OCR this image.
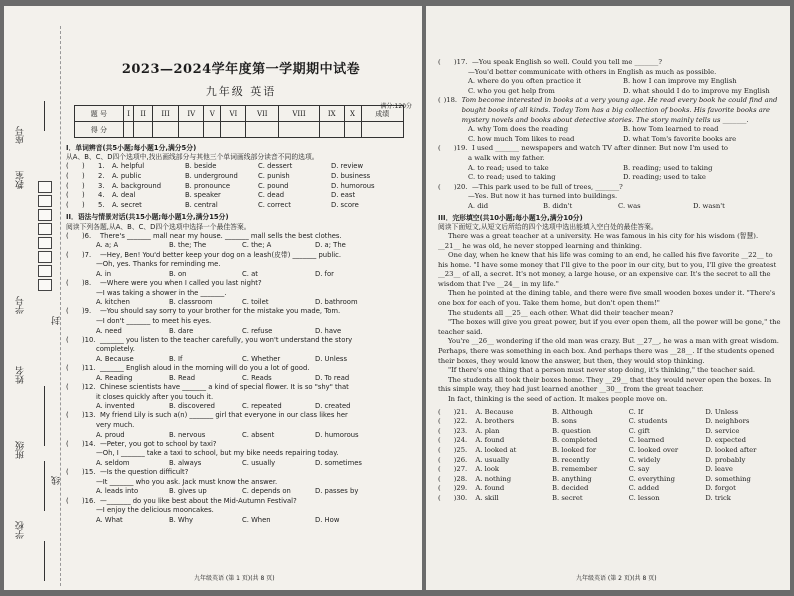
座号
教室
学号
封
姓名
班级
线
学校
2023—2024学年度第一学期期中试卷
九年级 英语
满分:120分
题 号	I	II	III	IV	V	VI	VII	VIII	IX	X	成绩
得 分											
I．单词辨音(共5小题;每小题1分,满分5分)
从A、B、C、D四个选项中,找出画线部分与其他三个单词画线部分读音不同的选项。
(	)	1.	A. helpful	B. beside	C. dessert	D. review
(	)	2.	A. public	B. underground	C. punish	D. business
(	)	3.	A. background	B. pronounce	C. pound	D. humorous
(	)	4.	A. deal	B. speaker	C. dead	D. east
(	)	5.	A. secret	B. central	C. correct	D. score
II．语法与情景对话(共15小题;每小题1分,满分15分)
阅读下列各题,从A、B、C、D四个选项中选择一个最佳答案。
(	)6.	There's _______ mall near my house. _______ mall sells the best clothes.
A. a; A	B. the; The	C. the; A	D. a; The
(	)7.	—Hey, Ben! You'd better keep your dog on a leash(皮带) _______ public.
—Oh, yes. Thanks for reminding me.
A. in	B. on	C. at	D. for
(	)8.	—Where were you when I called you last night?
—I was taking a shower in the _______.
A. kitchen	B. classroom	C. toilet	D. bathroom
(	)9.	—You should say sorry to your brother for the mistake you made, Tom.
—I don't _______ to meet his eyes.
A. need	B. dare	C. refuse	D. have
(	)10. _______ you listen to the teacher carefully, you won't understand the story
completely.
A. Because	B. If	C. Whether	D. Unless
(	)11. _______ English aloud in the morning will do you a lot of good.
A. Reading	B. Read	C. Reads	D. To read
(	)12. Chinese scientists have _______ a kind of special flower. It is so "shy" that
it closes quickly after you touch it.
A. invented	B. discovered	C. repeated	D. created
(	)13. My friend Lily is such a(n) _______ girl that everyone in our class likes her
very much.
A. proud	B. nervous	C. absent	D. humorous
(	)14. —Peter, you got to school by taxi?
—Oh, I _______ take a taxi to school, but my bike needs repairing today.
A. seldom	B. always	C. usually	D. sometimes
(	)15. —Is the question difficult?
—It _______ who you ask. Jack must know the answer.
A. leads into	B. gives up	C. depends on	D. passes by
(	)16. —_______ do you like best about the Mid-Autumn Festival?
—I enjoy the delicious mooncakes.
A. What	B. Why	C. When	D. How
九年级英语 (第 1 页)(共 8 页)
(	)17. —You speak English so well. Could you tell me _______?
—You'd better communicate with others in English as much as possible.
A. where do you often practice it	B. how I can improve my English
C. who you get help from	D. what should I do to improve my English
( )18. Tom become interested in books at a very young age. He read every book he could find and bought books of all kinds. Today Tom has a big collection of books. His favorite books are mystery novels and books about detective stories. The story mainly tells us _______.
A. why Tom does the reading	B. how Tom learned to read
C. how much Tom likes to read	D. what Tom's favorite books are
(	)19. I used _______ newspapers and watch TV after dinner. But now I'm used to
a walk with my father.
A. to read; used to take	B. reading; used to taking
C. to read; used to taking	D. reading; used to take
(	)20. —This park used to be full of trees, _______?
—Yes. But now it has turned into buildings.
A. did	B. didn't	C. was	D. wasn't
III．完形填空(共10小题;每小题1分,满分10分)
阅读下面短文,从短文后所给的四个选项中选出能填入空白处的最佳答案。

There was a great teacher at a university. He was famous in his city for his wisdom (智慧). __21__ he was old, he never stopped learning and thinking.

One day, when he knew that his life was coming to an end, he called his five favorite __22__ to his home. "I have some money that I'll give to the poor in our city, but to you, I'll give the greatest __23__ of all, a secret. It's not money, a large house, or an expensive car. It's the secret to all the wisdom that I've __24__ in my life."

Then he pointed at the dining table, and there were five small wooden boxes under it. "There's one box for each of you. Take them home, but don't open them!"

The students all __25__ each other. What did their teacher mean?

"The boxes will give you great power, but if you ever open them, all the power will be gone," the teacher said.

You're __26__ wondering if the old man was crazy. But __27__, he was a man with great wisdom. Perhaps, there was something in each box. And perhaps there was __28__. If the students opened their boxes, they would know the answer, but then, they would stop thinking.

"If there's one thing that a person must never stop doing, it's thinking," the teacher said.

The students all took their boxes home. They __29__ that they would never open the boxes. In this simple way, they had just learned another __30__ from the great teacher.

In fact, thinking is the seed of action. It makes people move on.

(	)21.	A. Because	B. Although	C. If	D. Unless
(	)22.	A. brothers	B. sons	C. students	D. neighbors
(	)23.	A. plan	B. question	C. gift	D. service
(	)24.	A. found	B. completed	C. learned	D. expected
(	)25.	A. looked at	B. looked for	C. looked over	D. looked after
(	)26.	A. usually	B. recently	C. widely	D. probably
(	)27.	A. look	B. remember	C. say	D. leave
(	)28.	A. nothing	B. anything	C. everything	D. something
(	)29.	A. found	B. decided	C. added	D. forgot
(	)30.	A. skill	B. secret	C. lesson	D. trick
九年级英语 (第 2 页)(共 8 页)
